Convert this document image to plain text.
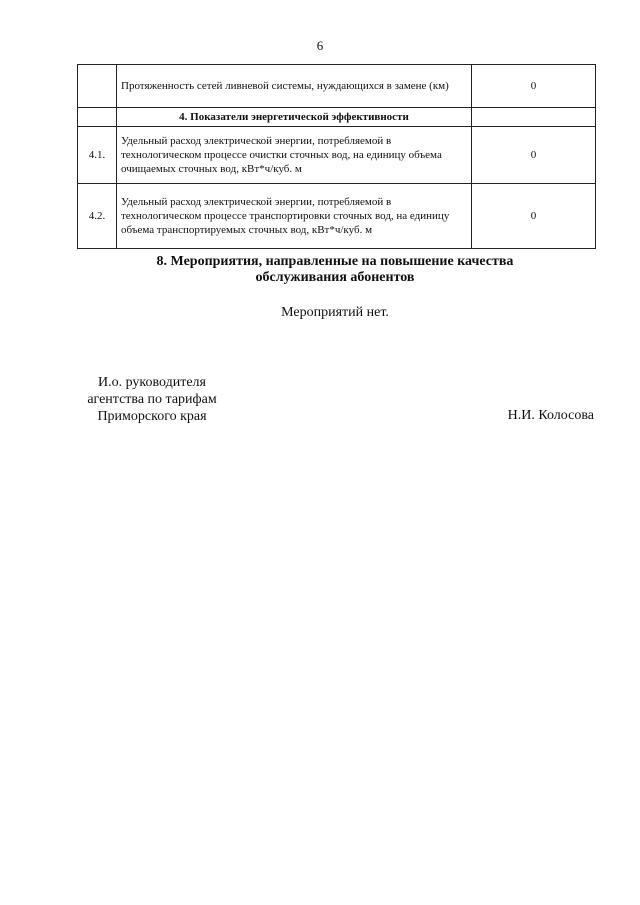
6
	Протяженность сетей ливневой системы, нуждающихся в замене (км)	0
	4. Показатели энергетической эффективности	
4.1.	Удельный расход электрической энергии, потребляемой в технологическом процессе очистки сточных вод, на единицу объема очищаемых сточных вод, кВт*ч/куб. м	0
4.2.	Удельный расход электрической энергии, потребляемой в технологическом процессе транспортировки сточных вод, на единицу объема транспортируемых сточных вод, кВт*ч/куб. м	0
8. Мероприятия, направленные на повышение качества
обслуживания абонентов
Мероприятий нет.
И.о. руководителя
агентства по тарифам
Приморского края	Н.И. Колосова
